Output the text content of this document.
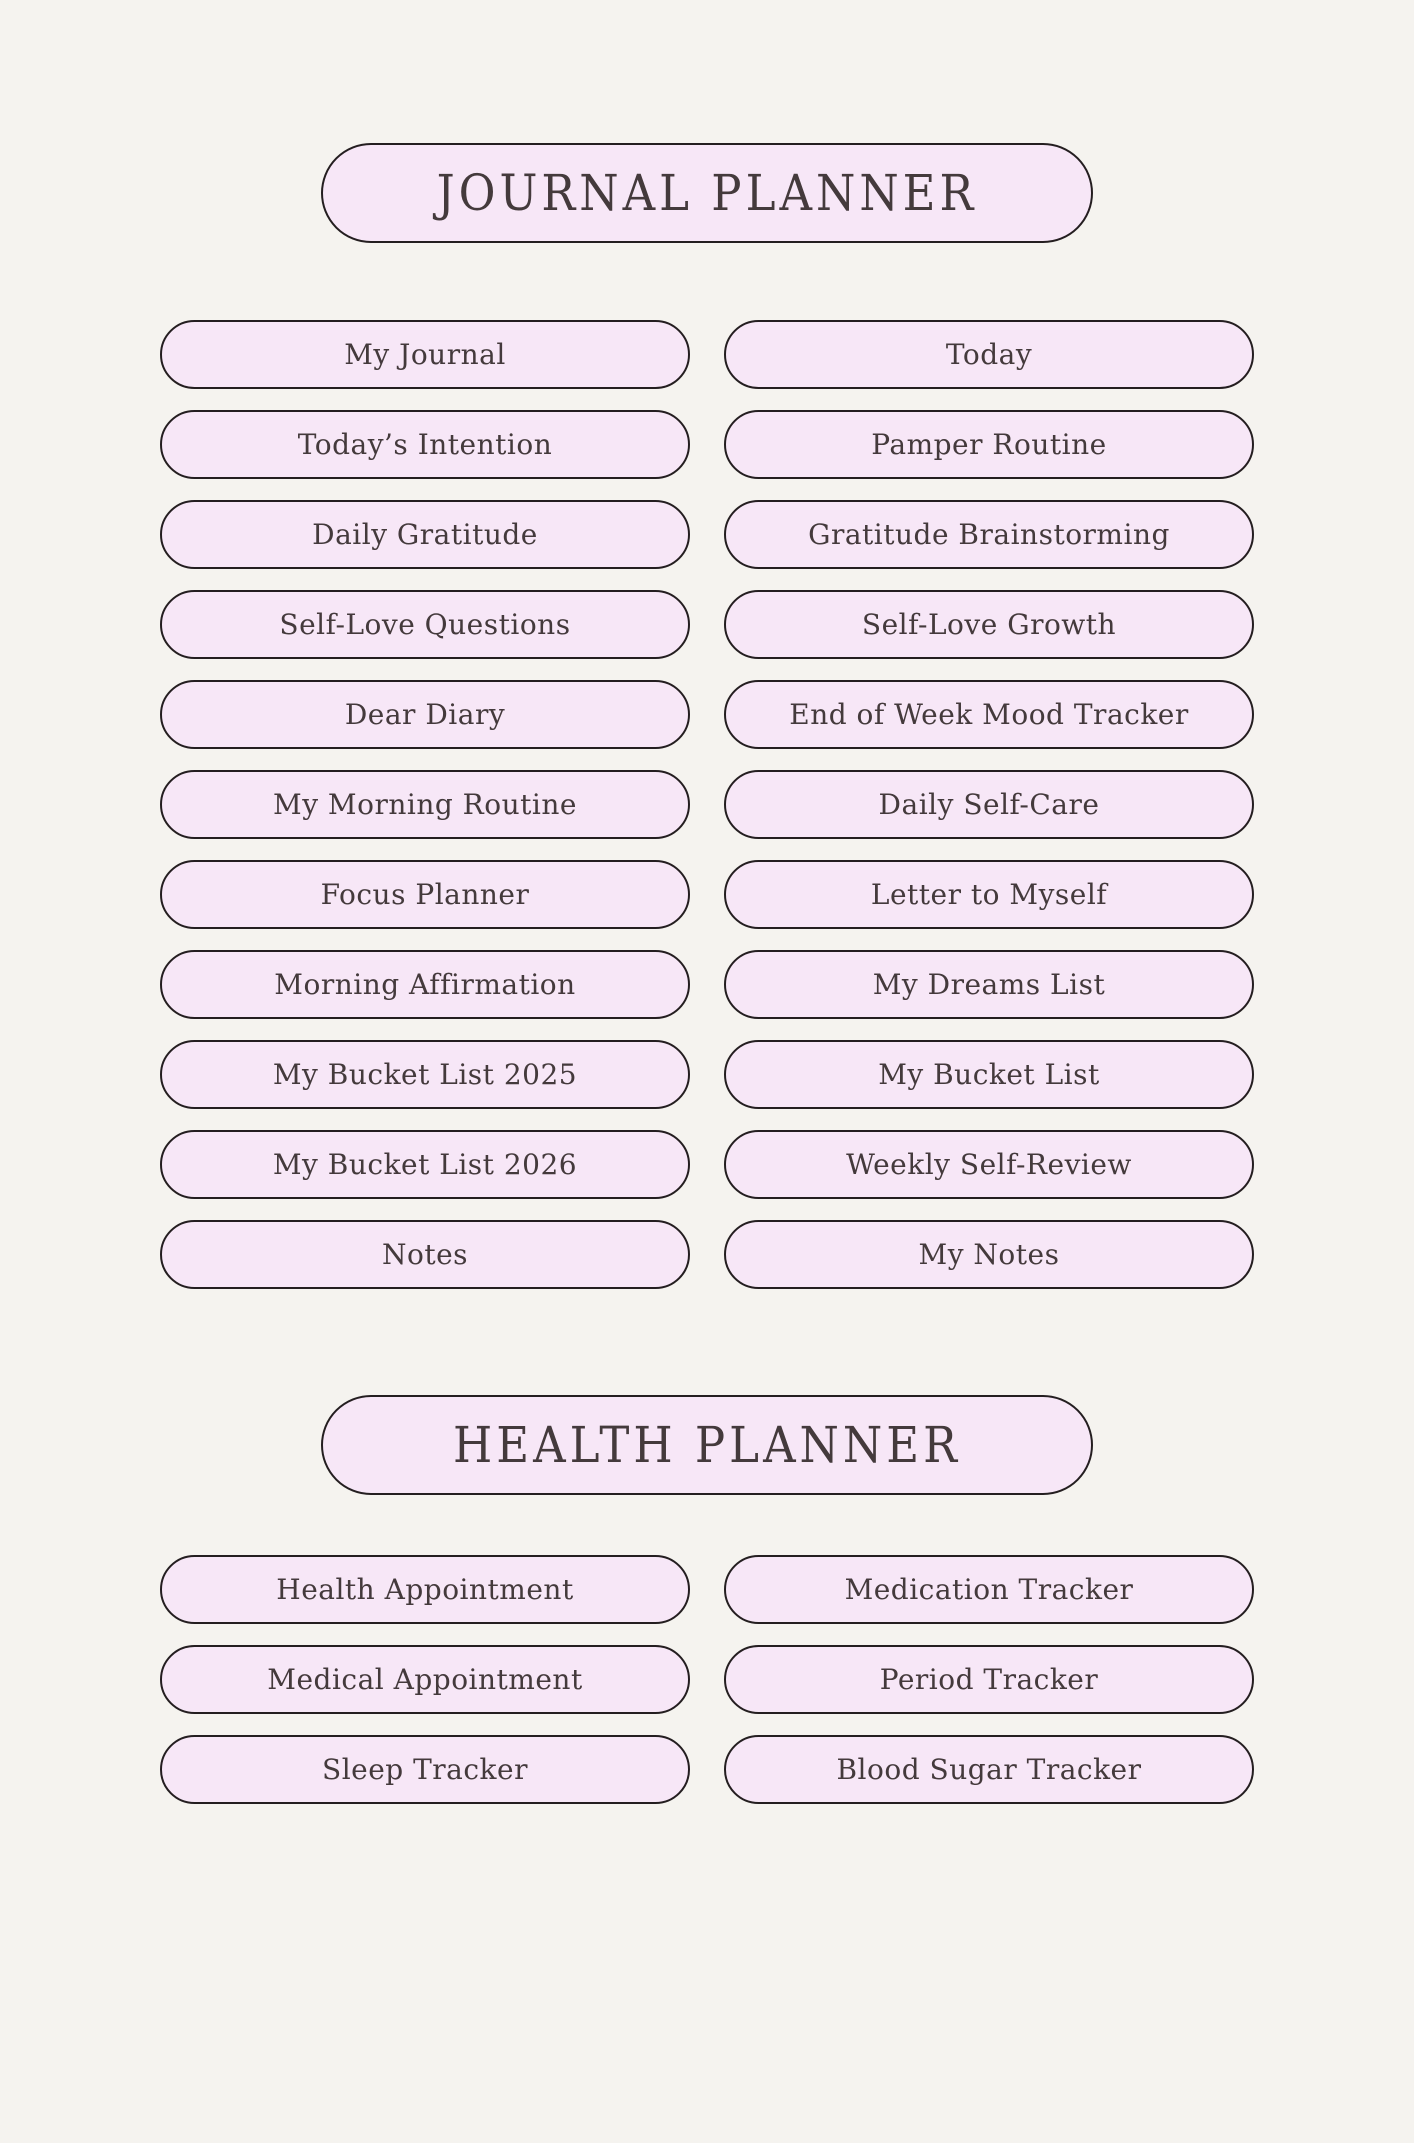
JOURNAL PLANNER
My Journal	Today
Today’s Intention	Pamper Routine
Daily Gratitude	Gratitude Brainstorming
Self-Love Questions	Self-Love Growth
Dear Diary	End of Week Mood Tracker
My Morning Routine	Daily Self-Care
Focus Planner	Letter to Myself
Morning Affirmation	My Dreams List
My Bucket List 2025	My Bucket List
My Bucket List 2026	Weekly Self-Review
Notes	My Notes
HEALTH PLANNER
Health Appointment	Medication Tracker
Medical Appointment	Period Tracker
Sleep Tracker	Blood Sugar Tracker
